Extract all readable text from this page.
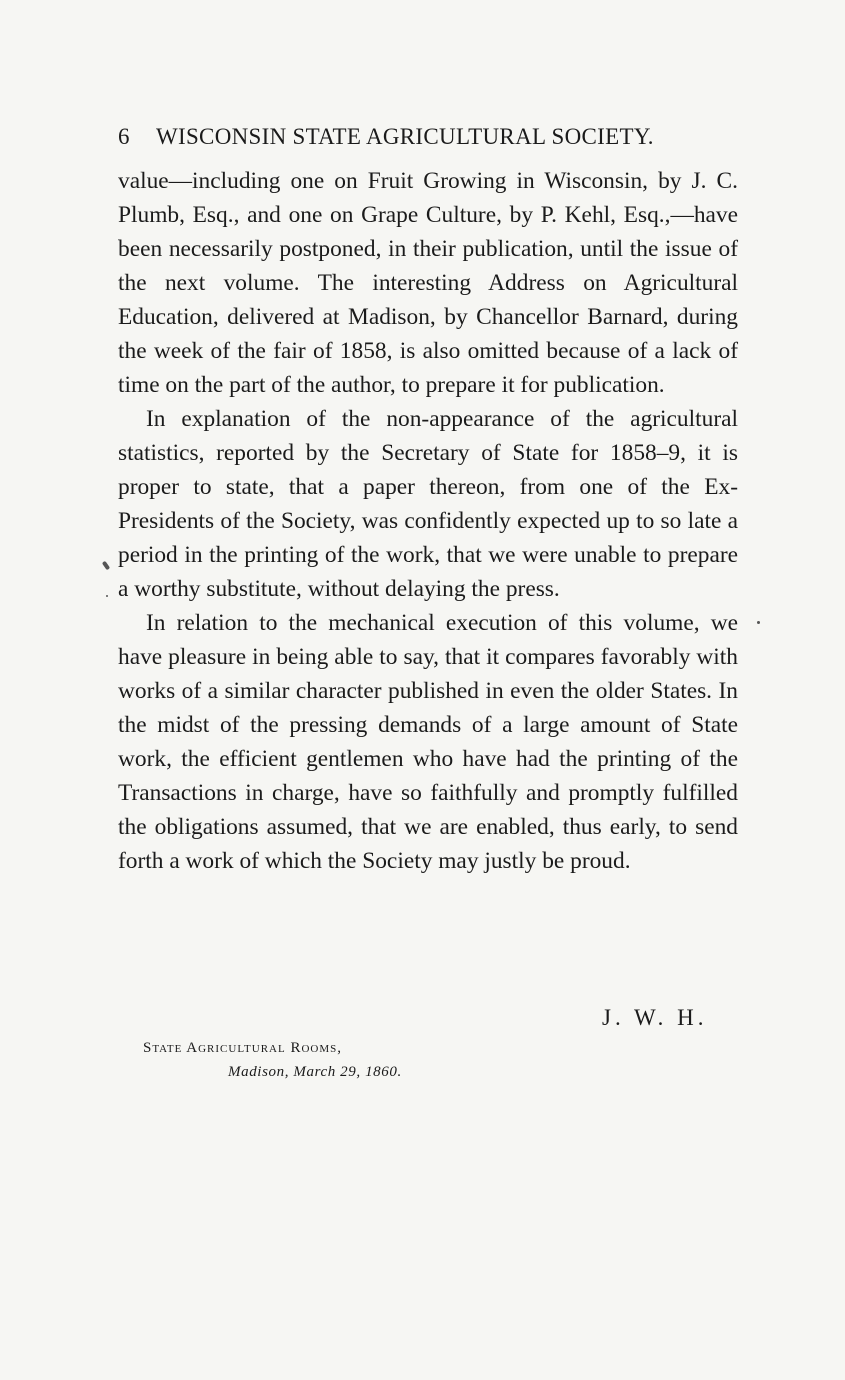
6 WISCONSIN STATE AGRICULTURAL SOCIETY.

value—including one on Fruit Growing in Wisconsin, by J. C. Plumb, Esq., and one on Grape Culture, by P. Kehl, Esq.,—have been necessarily postponed, in their publication, until the issue of the next volume. The interesting Address on Agricultural Education, delivered at Madison, by Chancellor Barnard, during the week of the fair of 1858, is also omitted because of a lack of time on the part of the author, to prepare it for publication.

In explanation of the non-appearance of the agricultural statistics, reported by the Secretary of State for 1858–9, it is proper to state, that a paper thereon, from one of the Ex-Presidents of the Society, was confidently expected up to so late a period in the printing of the work, that we were unable to prepare a worthy substitute, without delaying the press.

In relation to the mechanical execution of this volume, we have pleasure in being able to say, that it compares favorably with works of a similar character published in even the older States. In the midst of the pressing demands of a large amount of State work, the efficient gentlemen who have had the printing of the Transactions in charge, have so faithfully and promptly fulfilled the obligations assumed, that we are enabled, thus early, to send forth a work of which the Society may justly be proud.

J. W. H.
State Agricultural Rooms,
Madison, March 29, 1860.
